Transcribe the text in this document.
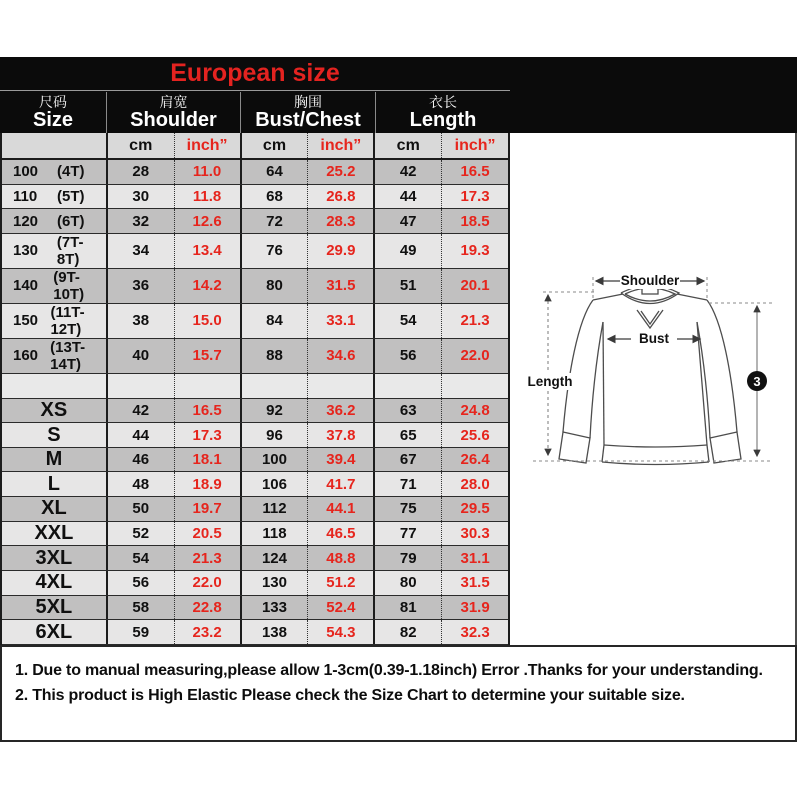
European size
尺码
Size
肩宽
Shoulder
胸围
Bust/Chest
衣长
Length
cm	inch”	cm	inch”	cm	inch”
100	(4T)	28	11.0	64	25.2	42	16.5
110	(5T)	30	11.8	68	26.8	44	17.3
120	(6T)	32	12.6	72	28.3	47	18.5
130	(7T-8T)	34	13.4	76	29.9	49	19.3
140	(9T-10T)	36	14.2	80	31.5	51	20.1
150 (11T-12T)	38	15.0	84	33.1	54	21.3
160 (13T-14T)	40	15.7	88	34.6	56	22.0
XS	42	16.5	92	36.2	63	24.8
S	44	17.3	96	37.8	65	25.6
M	46	18.1	100	39.4	67	26.4
L	48	18.9	106	41.7	71	28.0
XL	50	19.7	112	44.1	75	29.5
XXL	52	20.5	118	46.5	77	30.3
3XL	54	21.3	124	48.8	79	31.1
4XL	56	22.0	130	51.2	80	31.5
5XL	58	22.8	133	52.4	81	31.9
6XL	59	23.2	138	54.3	82	32.3
Shoulder
Bust
Length	3

1. Due to manual measuring,please allow 1-3cm(0.39-1.18inch) Error .Thanks for your understanding.

2. This product is High Elastic Please check the Size Chart to determine your suitable size.
